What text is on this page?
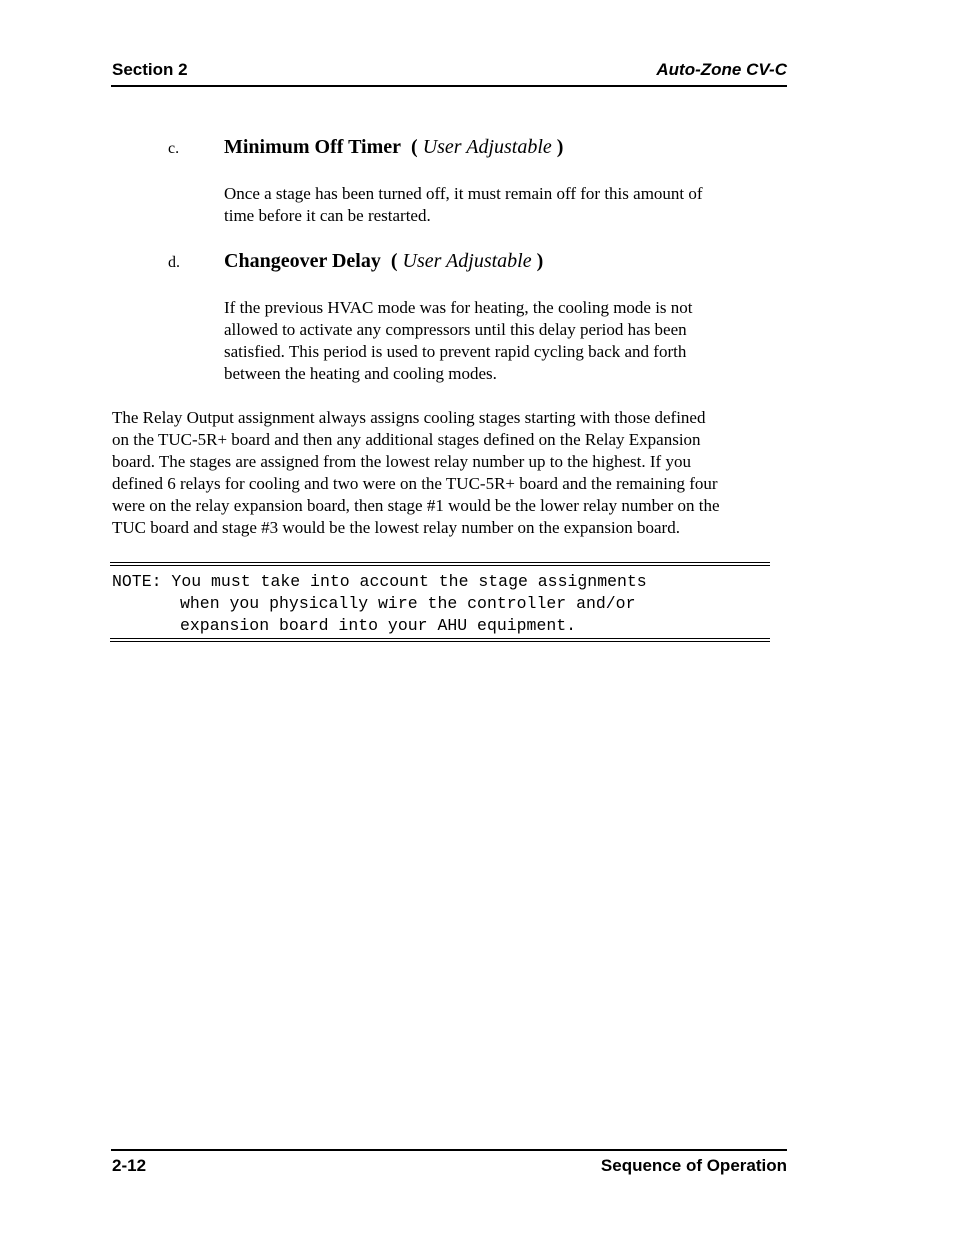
Section 2	Auto-Zone CV-C
c. Minimum Off Timer ( User Adjustable )
Once a stage has been turned off, it must remain off for this amount of
time before it can be restarted.
d. Changeover Delay ( User Adjustable )
If the previous HVAC mode was for heating, the cooling mode is not
allowed to activate any compressors until this delay period has been
satisfied. This period is used to prevent rapid cycling back and forth
between the heating and cooling modes.
The Relay Output assignment always assigns cooling stages starting with those defined
on the TUC-5R+ board and then any additional stages defined on the Relay Expansion
board. The stages are assigned from the lowest relay number up to the highest. If you
defined 6 relays for cooling and two were on the TUC-5R+ board and the remaining four
were on the relay expansion board, then stage #1 would be the lower relay number on the
TUC board and stage #3 would be the lowest relay number on the expansion board.
NOTE: You must take into account the stage assignments
when you physically wire the controller and/or
expansion board into your AHU equipment.
2-12	Sequence of Operation
